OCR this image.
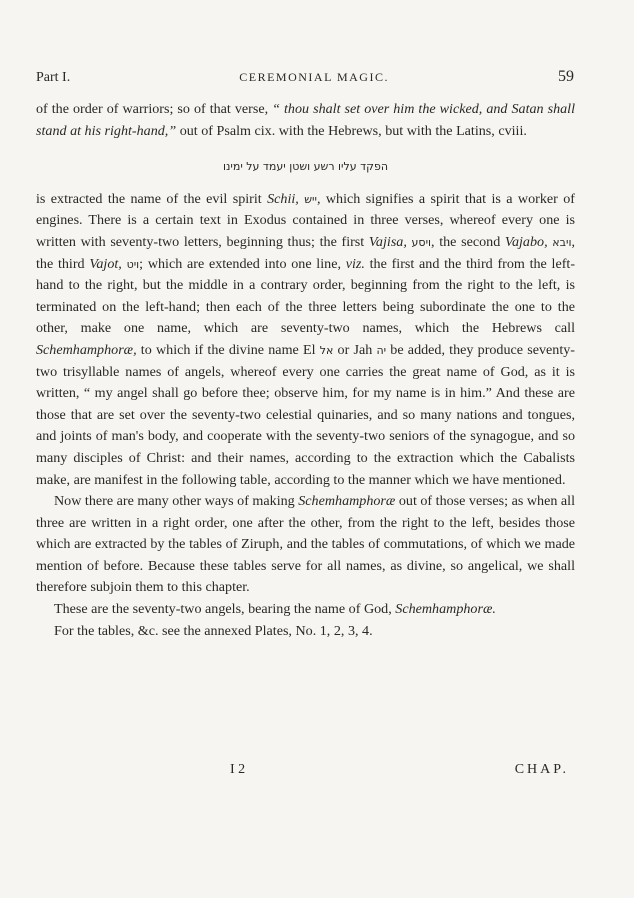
Part I.	CEREMONIAL MAGIC.	59

of the order of warriors; so of that verse, “ thou shalt set over him the wicked, and Satan shall stand at his right-hand,” out of Psalm cix. with the Hebrews, but with the Latins, cviii.

הפקד עליו רשע ושטן יעמד על ימינו

is extracted the name of the evil spirit Schii, ייש, which signifies a spirit that is a worker of engines. There is a certain text in Exodus contained in three verses, whereof every one is written with seventy-two letters, beginning thus; the first Vajisa, ויסע, the second Vajabo, ויבא, the third Vajot, ויט; which are extended into one line, viz. the first and the third from the left-hand to the right, but the middle in a contrary order, beginning from the right to the left, is terminated on the left-hand; then each of the three letters being subordinate the one to the other, make one name, which are seventy-two names, which the Hebrews call Schemhamphoræ, to which if the divine name El אל or Jah יה be added, they produce seventy-two trisyllable names of angels, whereof every one carries the great name of God, as it is written, “ my angel shall go before thee; observe him, for my name is in him.” And these are those that are set over the seventy-two celestial quinaries, and so many nations and tongues, and joints of man's body, and cooperate with the seventy-two seniors of the synagogue, and so many disciples of Christ: and their names, according to the extraction which the Cabalists make, are manifest in the following table, according to the manner which we have mentioned.

Now there are many other ways of making Schemhamphoræ out of those verses; as when all three are written in a right order, one after the other, from the right to the left, besides those which are extracted by the tables of Ziruph, and the tables of commutations, of which we made mention of before. Because these tables serve for all names, as divine, so angelical, we shall therefore subjoin them to this chapter.

These are the seventy-two angels, bearing the name of God, Schemhamphoræ.

For the tables, &c. see the annexed Plates, No. 1, 2, 3, 4.

I 2	CHAP.
